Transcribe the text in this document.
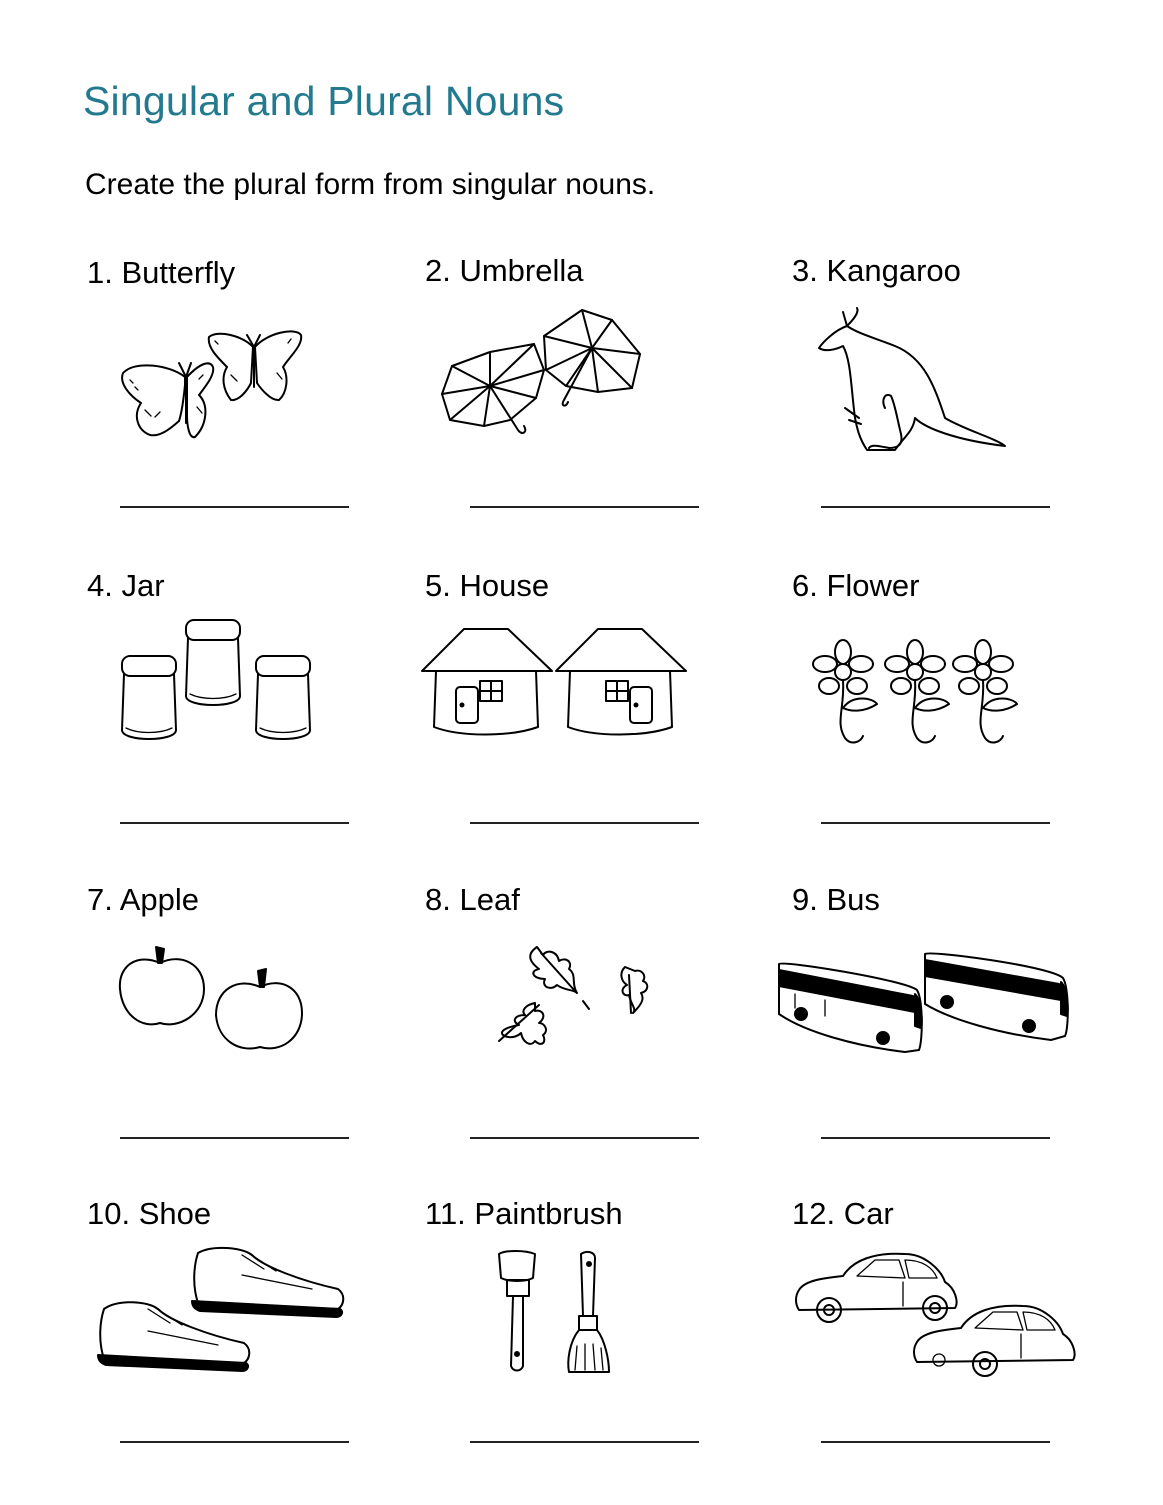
Singular and Plural Nouns

Create the plural form from singular nouns.

1. Butterfly	2. Umbrella	3. Kangaroo
4. Jar	5. House	6. Flower
7. Apple	8. Leaf	9. Bus
10. Shoe	11. Paintbrush	12. Car
